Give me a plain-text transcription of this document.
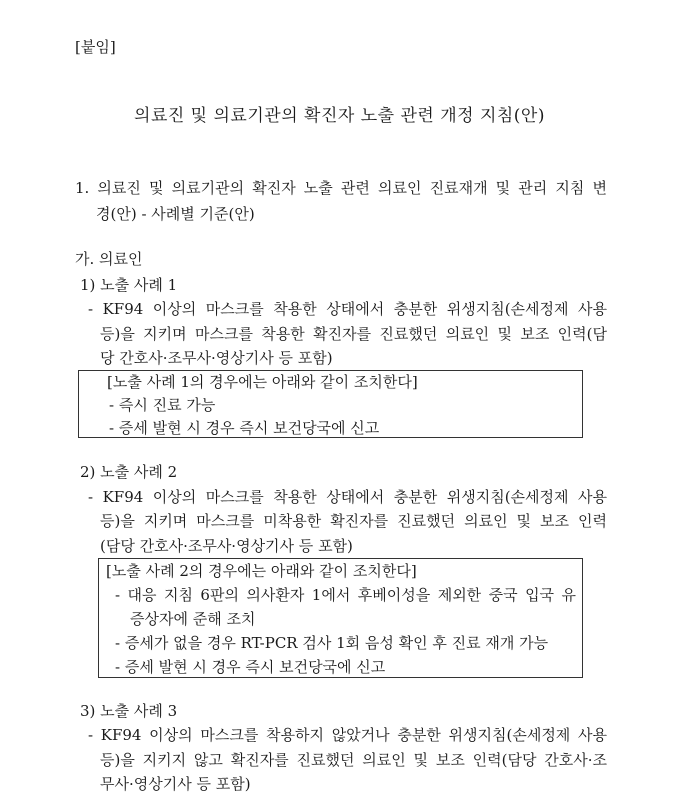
[붙임]
의료진 및 의료기관의 확진자 노출 관련 개정 지침(안)
1. 의료진 및 의료기관의 확진자 노출 관련 의료인 진료재개 및 관리 지침 변
경(안) - 사례별 기준(안)
가. 의료인
1) 노출 사례 1
- KF94 이상의 마스크를 착용한 상태에서 충분한 위생지침(손세정제 사용
등)을 지키며 마스크를 착용한 확진자를 진료했던 의료인 및 보조 인력(담
당 간호사·조무사·영상기사 등 포함)
[노출 사례 1의 경우에는 아래와 같이 조치한다]
- 즉시 진료 가능
- 증세 발현 시 경우 즉시 보건당국에 신고
2) 노출 사례 2
- KF94 이상의 마스크를 착용한 상태에서 충분한 위생지침(손세정제 사용
등)을 지키며 마스크를 미착용한 확진자를 진료했던 의료인 및 보조 인력
(담당 간호사·조무사·영상기사 등 포함)
[노출 사례 2의 경우에는 아래와 같이 조치한다]
- 대응 지침 6판의 의사환자 1에서 후베이성을 제외한 중국 입국 유
증상자에 준해 조치
- 증세가 없을 경우 RT-PCR 검사 1회 음성 확인 후 진료 재개 가능
- 증세 발현 시 경우 즉시 보건당국에 신고
3) 노출 사례 3
- KF94 이상의 마스크를 착용하지 않았거나 충분한 위생지침(손세정제 사용
등)을 지키지 않고 확진자를 진료했던 의료인 및 보조 인력(담당 간호사·조
무사·영상기사 등 포함)
